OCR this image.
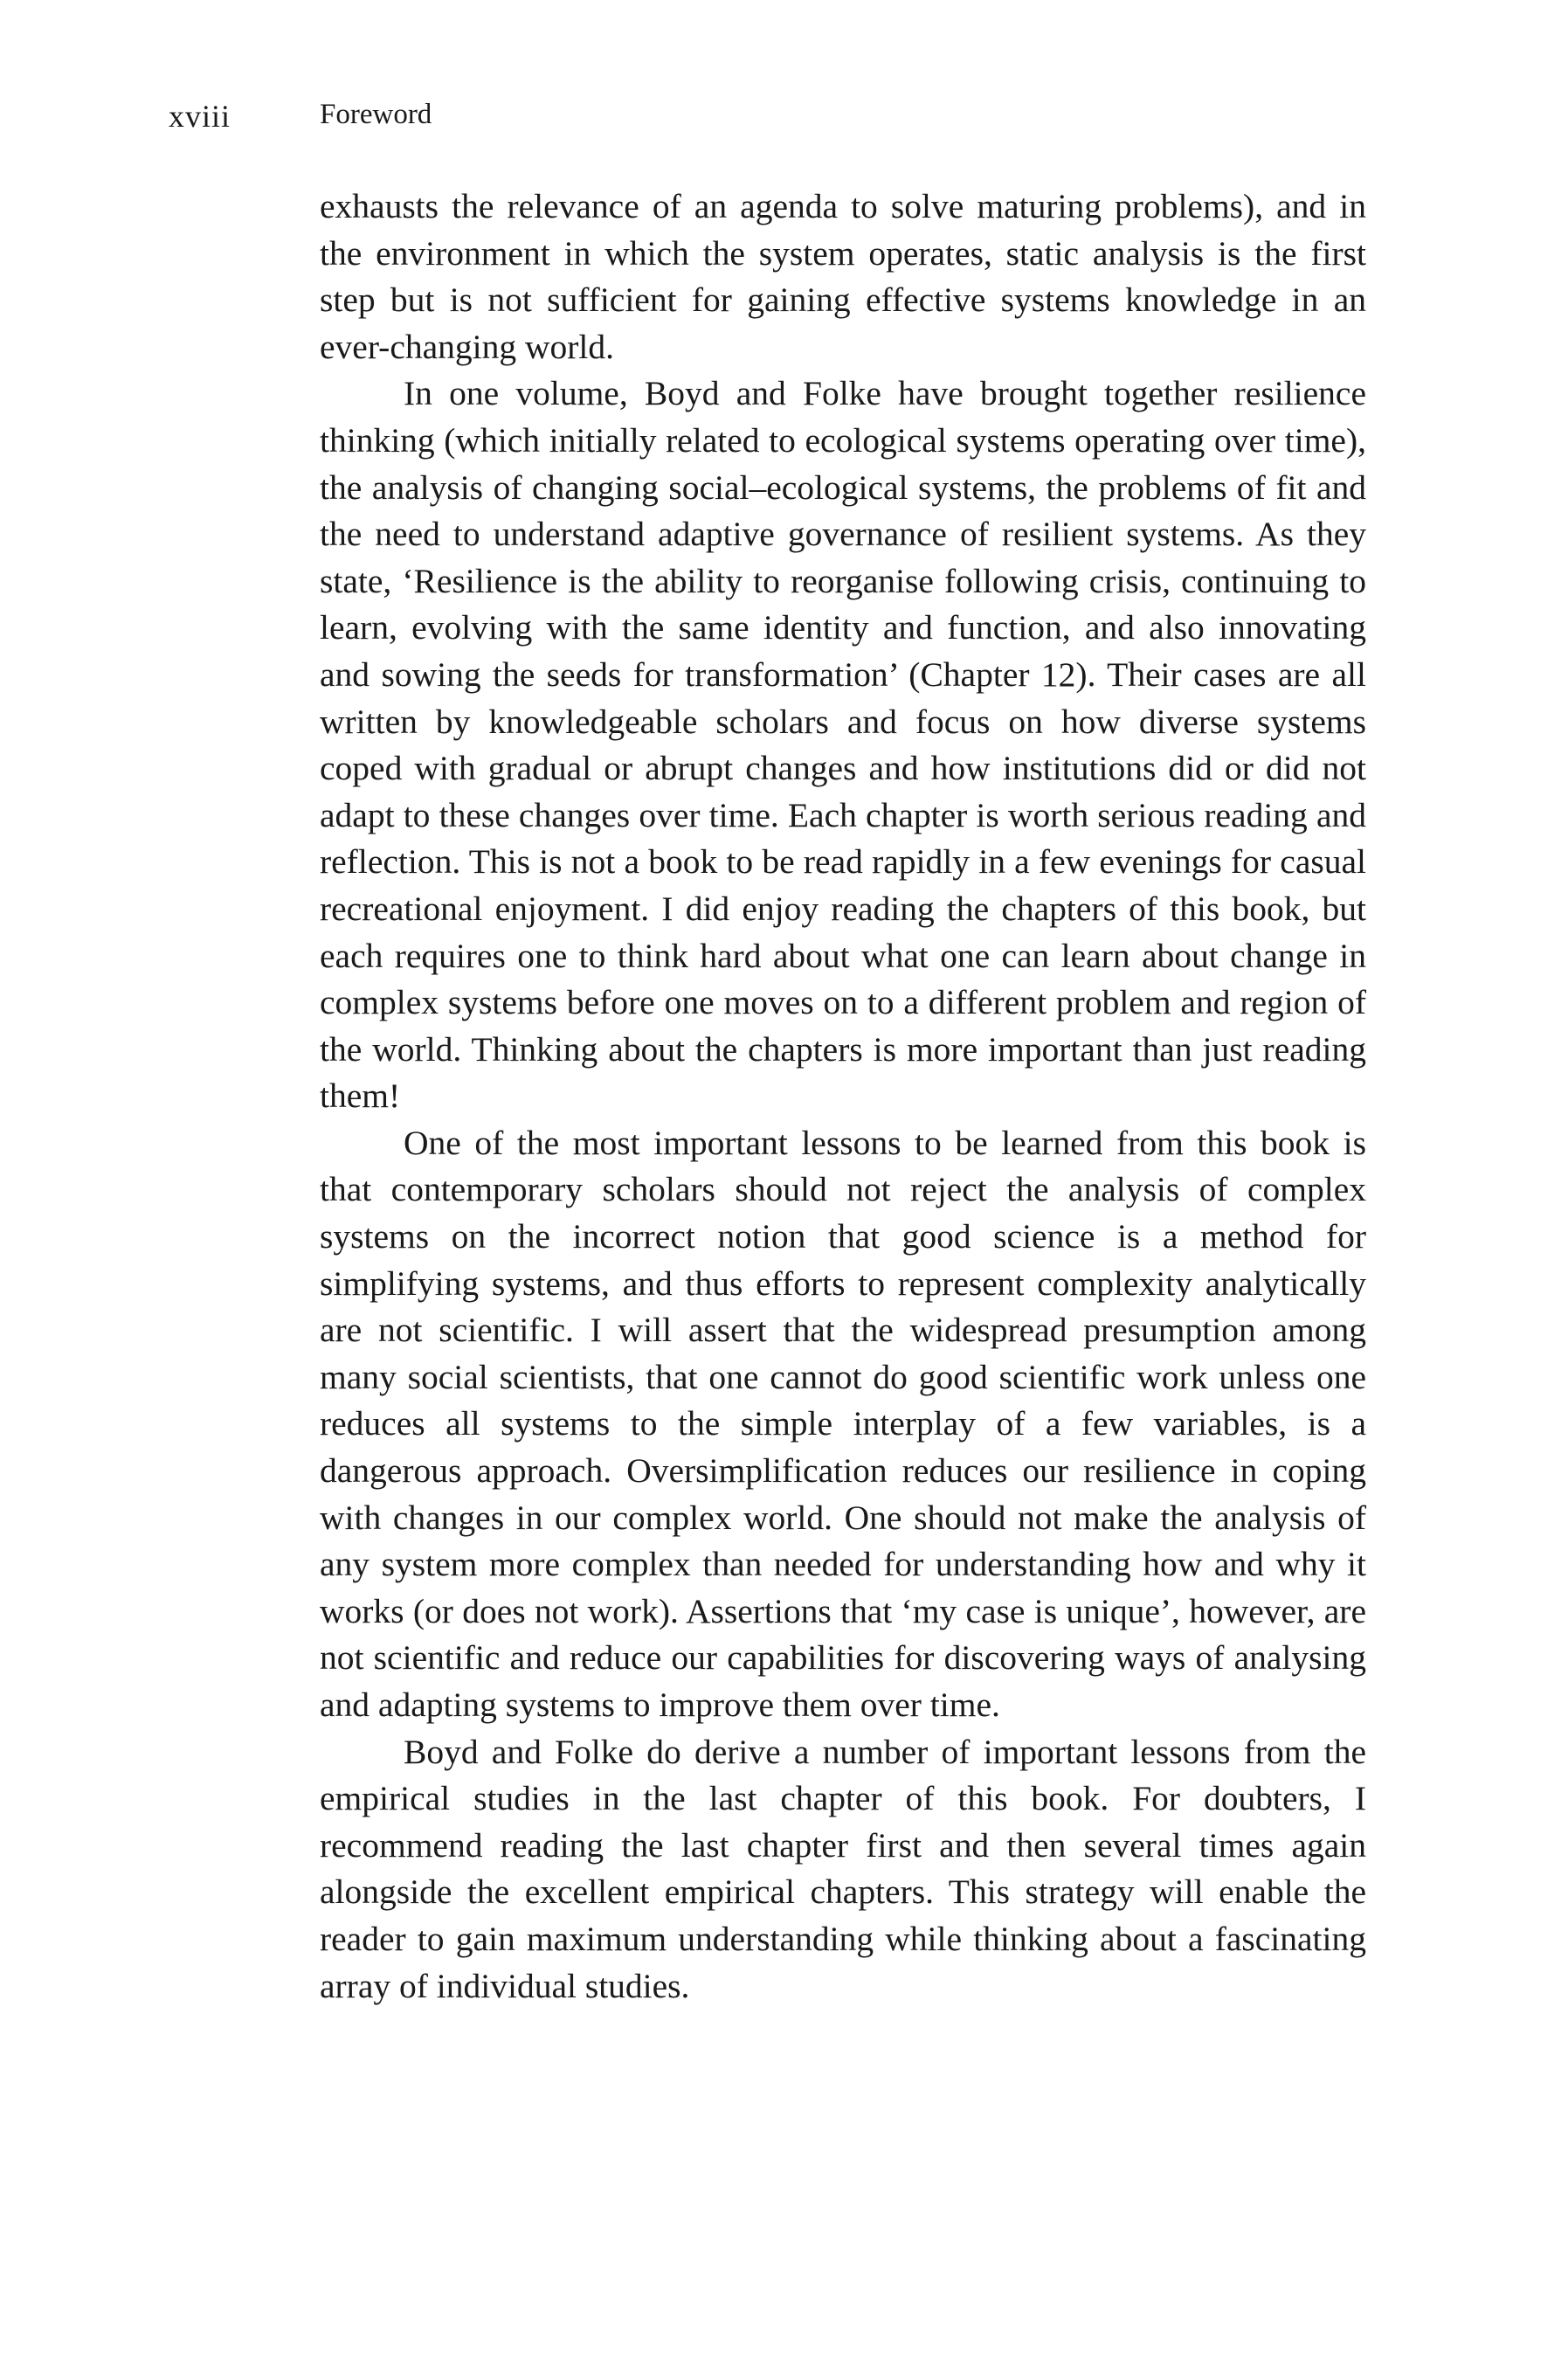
xviii	Foreword

exhausts the relevance of an agenda to solve maturing problems), and in the environment in which the system operates, static analysis is the first step but is not sufficient for gaining effective systems knowledge in an ever-changing world.

In one volume, Boyd and Folke have brought together resilience thinking (which initially related to ecological systems operating over time), the analysis of changing social–ecological systems, the problems of fit and the need to understand adaptive governance of resilient systems. As they state, ‘Resilience is the ability to reorganise following crisis, continuing to learn, evolving with the same identity and function, and also innovating and sowing the seeds for transformation’ (Chapter 12). Their cases are all written by knowledgeable scholars and focus on how diverse systems coped with gradual or abrupt changes and how institutions did or did not adapt to these changes over time. Each chapter is worth serious reading and reflection. This is not a book to be read rapidly in a few evenings for casual recreational enjoyment. I did enjoy reading the chapters of this book, but each requires one to think hard about what one can learn about change in complex systems before one moves on to a different problem and region of the world. Thinking about the chapters is more important than just reading them!

One of the most important lessons to be learned from this book is that contemporary scholars should not reject the analysis of complex systems on the incorrect notion that good science is a method for simplifying systems, and thus efforts to represent complexity analytically are not scientific. I will assert that the widespread presumption among many social scientists, that one cannot do good scientific work unless one reduces all systems to the simple interplay of a few variables, is a dangerous approach. Oversimplification reduces our resilience in coping with changes in our complex world. One should not make the analysis of any system more complex than needed for understanding how and why it works (or does not work). Assertions that ‘my case is unique’, however, are not scientific and reduce our capabilities for discovering ways of analysing and adapting systems to improve them over time.

Boyd and Folke do derive a number of important lessons from the empirical studies in the last chapter of this book. For doubters, I recommend reading the last chapter first and then several times again alongside the excellent empirical chapters. This strategy will enable the reader to gain maximum understanding while thinking about a fascinating array of individual studies.
